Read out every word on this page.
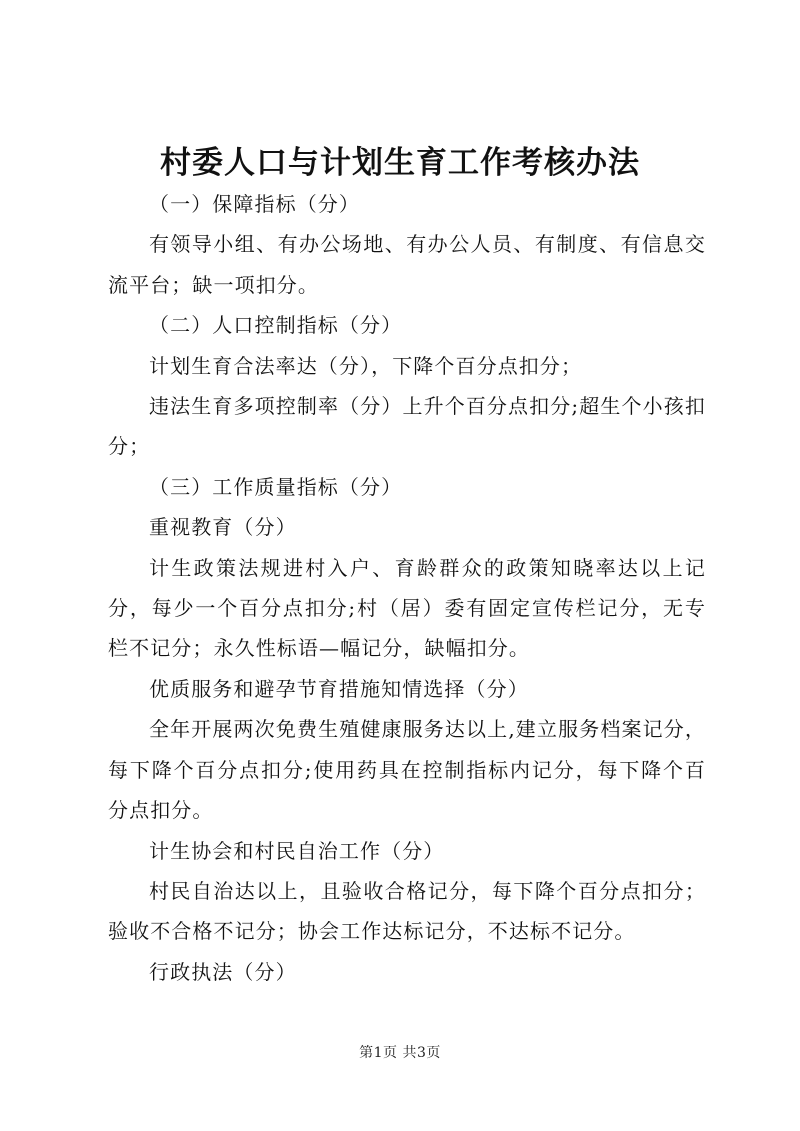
村委人口与计划生育工作考核办法

（一）保障指标（分）

有领导小组、有办公场地、有办公人员、有制度、有信息交流平台；缺一项扣分。

（二）人口控制指标（分）

计划生育合法率达（分），下降个百分点扣分；

违法生育多项控制率（分）上升个百分点扣分;超生个小孩扣分；

（三）工作质量指标（分）

重视教育（分）

计生政策法规进村入户、育龄群众的政策知晓率达以上记分，每少一个百分点扣分;村（居）委有固定宣传栏记分，无专栏不记分；永久性标语—幅记分，缺幅扣分。

优质服务和避孕节育措施知情选择（分）

全年开展两次免费生殖健康服务达以上,建立服务档案记分，每下降个百分点扣分;使用药具在控制指标内记分，每下降个百分点扣分。

计生协会和村民自治工作（分）

村民自治达以上，且验收合格记分，每下降个百分点扣分；验收不合格不记分；协会工作达标记分，不达标不记分。

行政执法（分）

第1页 共3页
